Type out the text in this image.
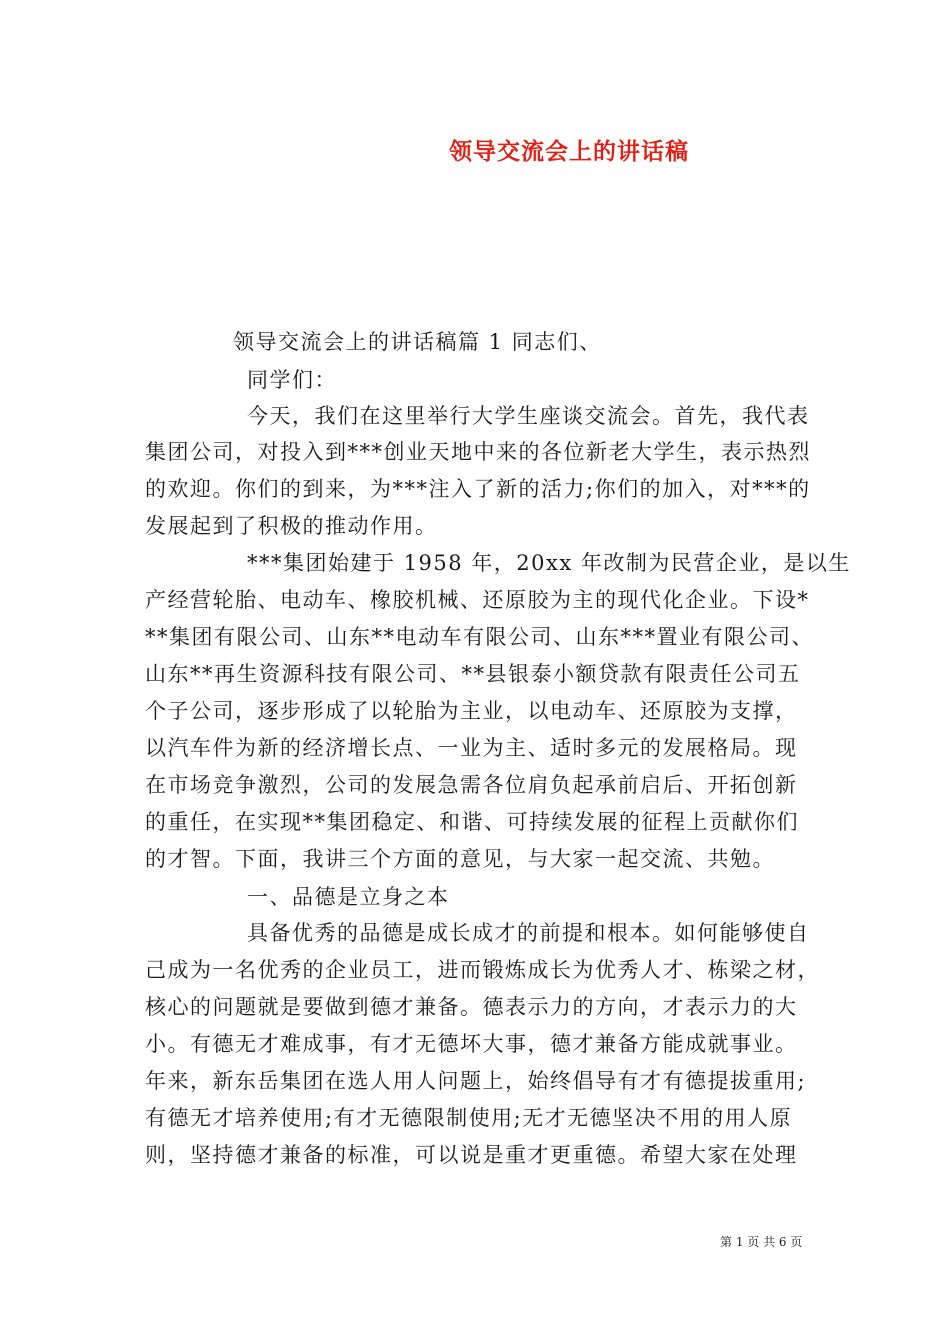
领导交流会上的讲话稿
领导交流会上的讲话稿篇 1 同志们、
同学们：
今天，我们在这里举行大学生座谈交流会。首先，我代表
集团公司，对投入到***创业天地中来的各位新老大学生，表示热烈
的欢迎。你们的到来，为***注入了新的活力;你们的加入，对***的
发展起到了积极的推动作用。
***集团始建于 1958 年，20xx 年改制为民营企业，是以生
产经营轮胎、电动车、橡胶机械、还原胶为主的现代化企业。下设*
**集团有限公司、山东**电动车有限公司、山东***置业有限公司、
山东**再生资源科技有限公司、**县银泰小额贷款有限责任公司五
个子公司，逐步形成了以轮胎为主业，以电动车、还原胶为支撑，
以汽车件为新的经济增长点、一业为主、适时多元的发展格局。现
在市场竞争激烈，公司的发展急需各位肩负起承前启后、开拓创新
的重任，在实现**集团稳定、和谐、可持续发展的征程上贡献你们
的才智。下面，我讲三个方面的意见，与大家一起交流、共勉。
一、品德是立身之本
具备优秀的品德是成长成才的前提和根本。如何能够使自
己成为一名优秀的企业员工，进而锻炼成长为优秀人才、栋梁之材，
核心的问题就是要做到德才兼备。德表示力的方向，才表示力的大
小。有德无才难成事，有才无德坏大事，德才兼备方能成就事业。
年来，新东岳集团在选人用人问题上，始终倡导有才有德提拔重用;
有德无才培养使用;有才无德限制使用;无才无德坚决不用的用人原
则，坚持德才兼备的标准，可以说是重才更重德。希望大家在处理
第 1 页 共 6 页
